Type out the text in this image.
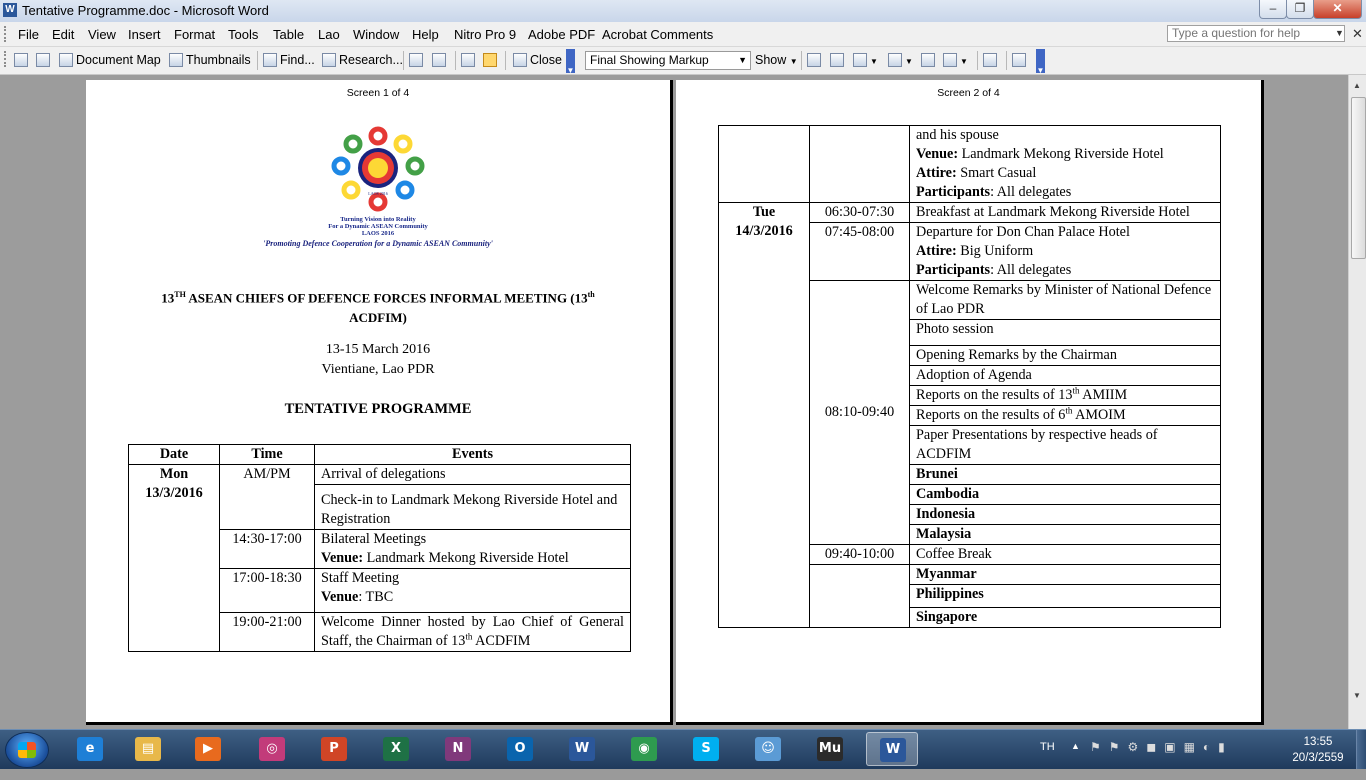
W Tentative Programme.doc - Microsoft Word	–	❐	✕
File Edit View Insert Format Tools Table Lao Window Help Nitro Pro 9 Adobe PDF Acrobat Comments
Type a question for help	▼ ✕
Document Map	Thumbnails	Find...	Research...	Close	Final Showing Markup	▼ Show ▼	▼	▼	▼
▼	▼
▲
▼
Screen 1 of 4
LAOS 2016
Turning Vision into Reality
For a Dynamic ASEAN Community
LAOS 2016
'Promoting Defence Cooperation for a Dynamic ASEAN Community'
13TH ASEAN CHIEFS OF DEFENCE FORCES INFORMAL MEETING (13th
ACDFIM)
13-15 March 2016
Vientiane, Lao PDR
TENTATIVE PROGRAMME
Date	Time	Events
Mon
13/3/2016	AM/PM	Arrival of delegations
		Check-in to Landmark Mekong Riverside Hotel and Registration
	14:30-17:00	Bilateral Meetings
Venue: Landmark Mekong Riverside Hotel
	17:00-18:30	Staff Meeting
Venue: TBC
	19:00-21:00	Welcome Dinner hosted by Lao Chief of General Staff, the Chairman of 13th ACDFIM
Screen 2 of 4
		and his spouse
Venue: Landmark Mekong Riverside Hotel
Attire: Smart Casual
Participants: All delegates
Tue
14/3/2016	06:30-07:30	Breakfast at Landmark Mekong Riverside Hotel
	07:45-08:00	Departure for Don Chan Palace Hotel
Attire: Big Uniform
Participants: All delegates
	08:10-09:40	Welcome Remarks by Minister of National Defence of Lao PDR
		Photo session
		Opening Remarks by the Chairman
		Adoption of Agenda
		Reports on the results of 13th AMIIM
		Reports on the results of 6th AMOIM
		Paper Presentations by respective heads of ACDFIM
		Brunei
		Cambodia
		Indonesia
		Malaysia
	09:40-10:00	Coffee Break
		Myanmar
		Philippines
		Singapore
e	▤	▶	◎	P	X	N	O	W	◉	S	☺	Mu	W	TH ▲ ⚑⚑⚙◼▣▦◐▮	13:55
20/3/2559
